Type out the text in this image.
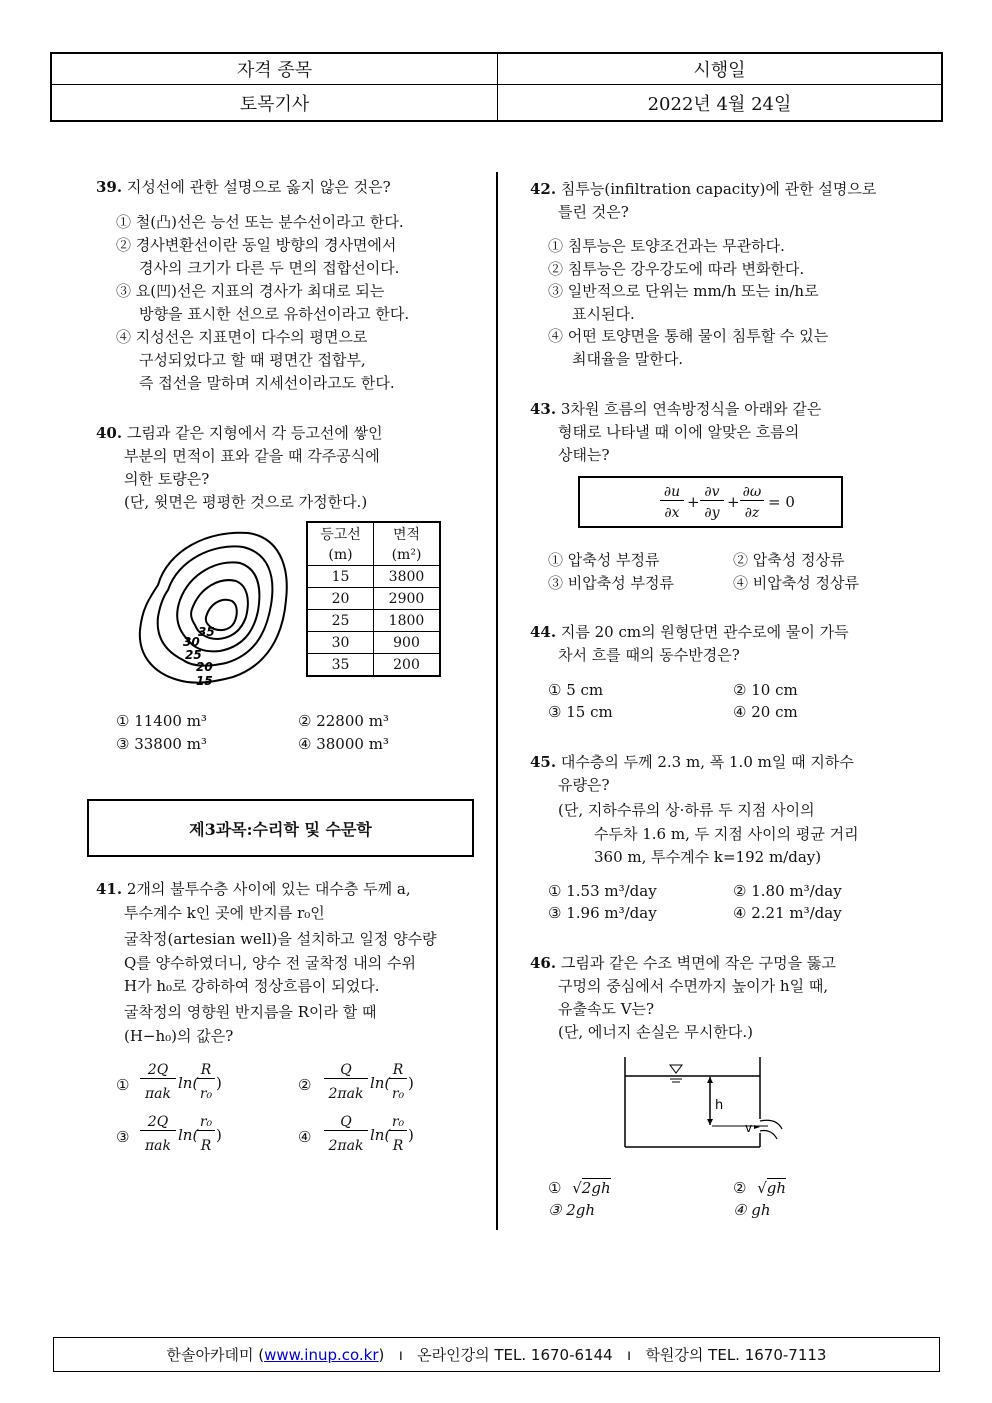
자격 종목	시행일
토목기사	2022년 4월 24일
39. 지성선에 관한 설명으로 옳지 않은 것은?
① 철(凸)선은 능선 또는 분수선이라고 한다.
② 경사변환선이란 동일 방향의 경사면에서
경사의 크기가 다른 두 면의 접합선이다.
③ 요(凹)선은 지표의 경사가 최대로 되는
방향을 표시한 선으로 유하선이라고 한다.
④ 지성선은 지표면이 다수의 평면으로
구성되었다고 할 때 평면간 접합부,
즉 접선을 말하며 지세선이라고도 한다.
40. 그림과 같은 지형에서 각 등고선에 쌓인
부분의 면적이 표와 같을 때 각주공식에
의한 토량은?
(단, 윗면은 평평한 것으로 가정한다.)
35
30
25
20
15
등고선	면적
(m)	(m²)
15	3800
20	2900
25	1800
30	900
35	200
① 11400 m³	② 22800 m³
③ 33800 m³	④ 38000 m³
제3과목:수리학 및 수문학
41. 2개의 불투수층 사이에 있는 대수층 두께 a,
투수계수 k인 곳에 반지름 r₀인
굴착정(artesian well)을 설치하고 일정 양수량
Q를 양수하였더니, 양수 전 굴착정 내의 수위
H가 h₀로 강하하여 정상흐름이 되었다.
굴착정의 영향원 반지름을 R이라 할 때
(H−h₀)의 값은?
①
2Q
πak
ln(
R
r₀
)	②
Q
2πak
ln(
R
r₀
)
③
2Q
πak
ln(
r₀
R
)	④
Q
2πak
ln(
r₀
R
)
42. 침투능(infiltration capacity)에 관한 설명으로
틀린 것은?
① 침투능은 토양조건과는 무관하다.
② 침투능은 강우강도에 따라 변화한다.
③ 일반적으로 단위는 mm/h 또는 in/h로
표시된다.
④ 어떤 토양면을 통해 물이 침투할 수 있는
최대율을 말한다.
43. 3차원 흐름의 연속방정식을 아래와 같은
형태로 나타낼 때 이에 알맞은 흐름의
상태는?
∂u
∂x
+
∂v
∂y
+
∂ω
∂z
= 0
① 압축성 부정류	② 압축성 정상류
③ 비압축성 부정류	④ 비압축성 정상류
44. 지름 20 cm의 원형단면 관수로에 물이 가득
차서 흐를 때의 동수반경은?
① 5 cm	② 10 cm
③ 15 cm	④ 20 cm
45. 대수층의 두께 2.3 m, 폭 1.0 m일 때 지하수
유량은?
(단, 지하수류의 상·하류 두 지점 사이의
수두차 1.6 m, 두 지점 사이의 평균 거리
360 m, 투수계수 k=192 m/day)
① 1.53 m³/day	② 1.80 m³/day
③ 1.96 m³/day	④ 2.21 m³/day
46. 그림과 같은 수조 벽면에 작은 구멍을 뚫고
구멍의 중심에서 수면까지 높이가 h일 때,
유출속도 V는?
(단, 에너지 손실은 무시한다.)
h
v
① √2gh	② √gh
③ 2gh	④ gh
한솔아카데미 ( www.inup.co.kr )   ı   온라인강의 TEL. 1670-6144   ı   학원강의 TEL. 1670-7113
